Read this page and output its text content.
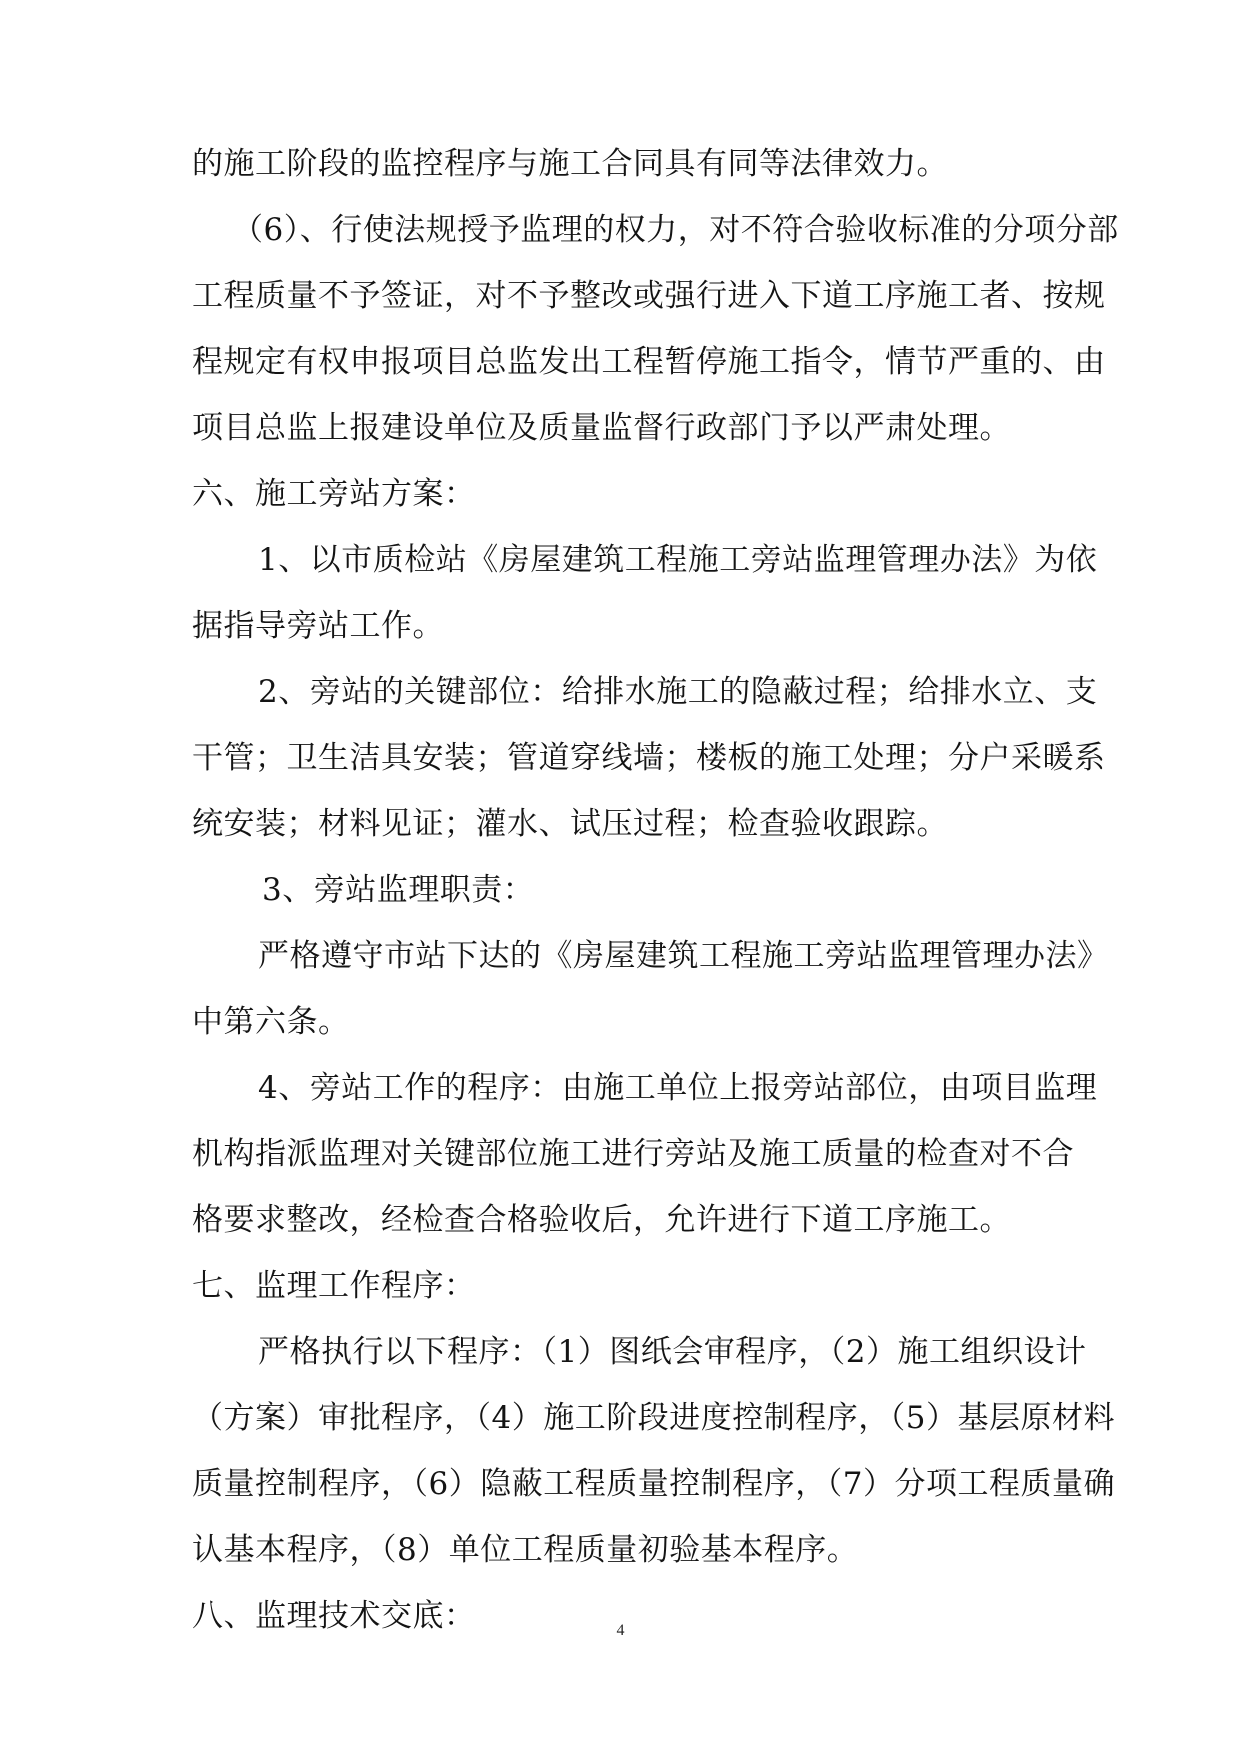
的施工阶段的监控程序与施工合同具有同等法律效力。
（6）、行使法规授予监理的权力，对不符合验收标准的分项分部
工程质量不予签证，对不予整改或强行进入下道工序施工者、按规
程规定有权申报项目总监发出工程暂停施工指令，情节严重的、由
项目总监上报建设单位及质量监督行政部门予以严肃处理。
六、施工旁站方案：
1、以市质检站《房屋建筑工程施工旁站监理管理办法》为依
据指导旁站工作。
2、旁站的关键部位：给排水施工的隐蔽过程；给排水立、支
干管；卫生洁具安装；管道穿线墙；楼板的施工处理；分户采暖系
统安装；材料见证；灌水、试压过程；检查验收跟踪。
3、旁站监理职责：
严格遵守市站下达的《房屋建筑工程施工旁站监理管理办法》
中第六条。
4、旁站工作的程序：由施工单位上报旁站部位，由项目监理
机构指派监理对关键部位施工进行旁站及施工质量的检查对不合
格要求整改，经检查合格验收后，允许进行下道工序施工。
七、监理工作程序：
严格执行以下程序：（1）图纸会审程序，（2）施工组织设计
（方案）审批程序，（4）施工阶段进度控制程序，（5）基层原材料
质量控制程序，（6）隐蔽工程质量控制程序，（7）分项工程质量确
认基本程序，（8）单位工程质量初验基本程序。
八、监理技术交底：	4
